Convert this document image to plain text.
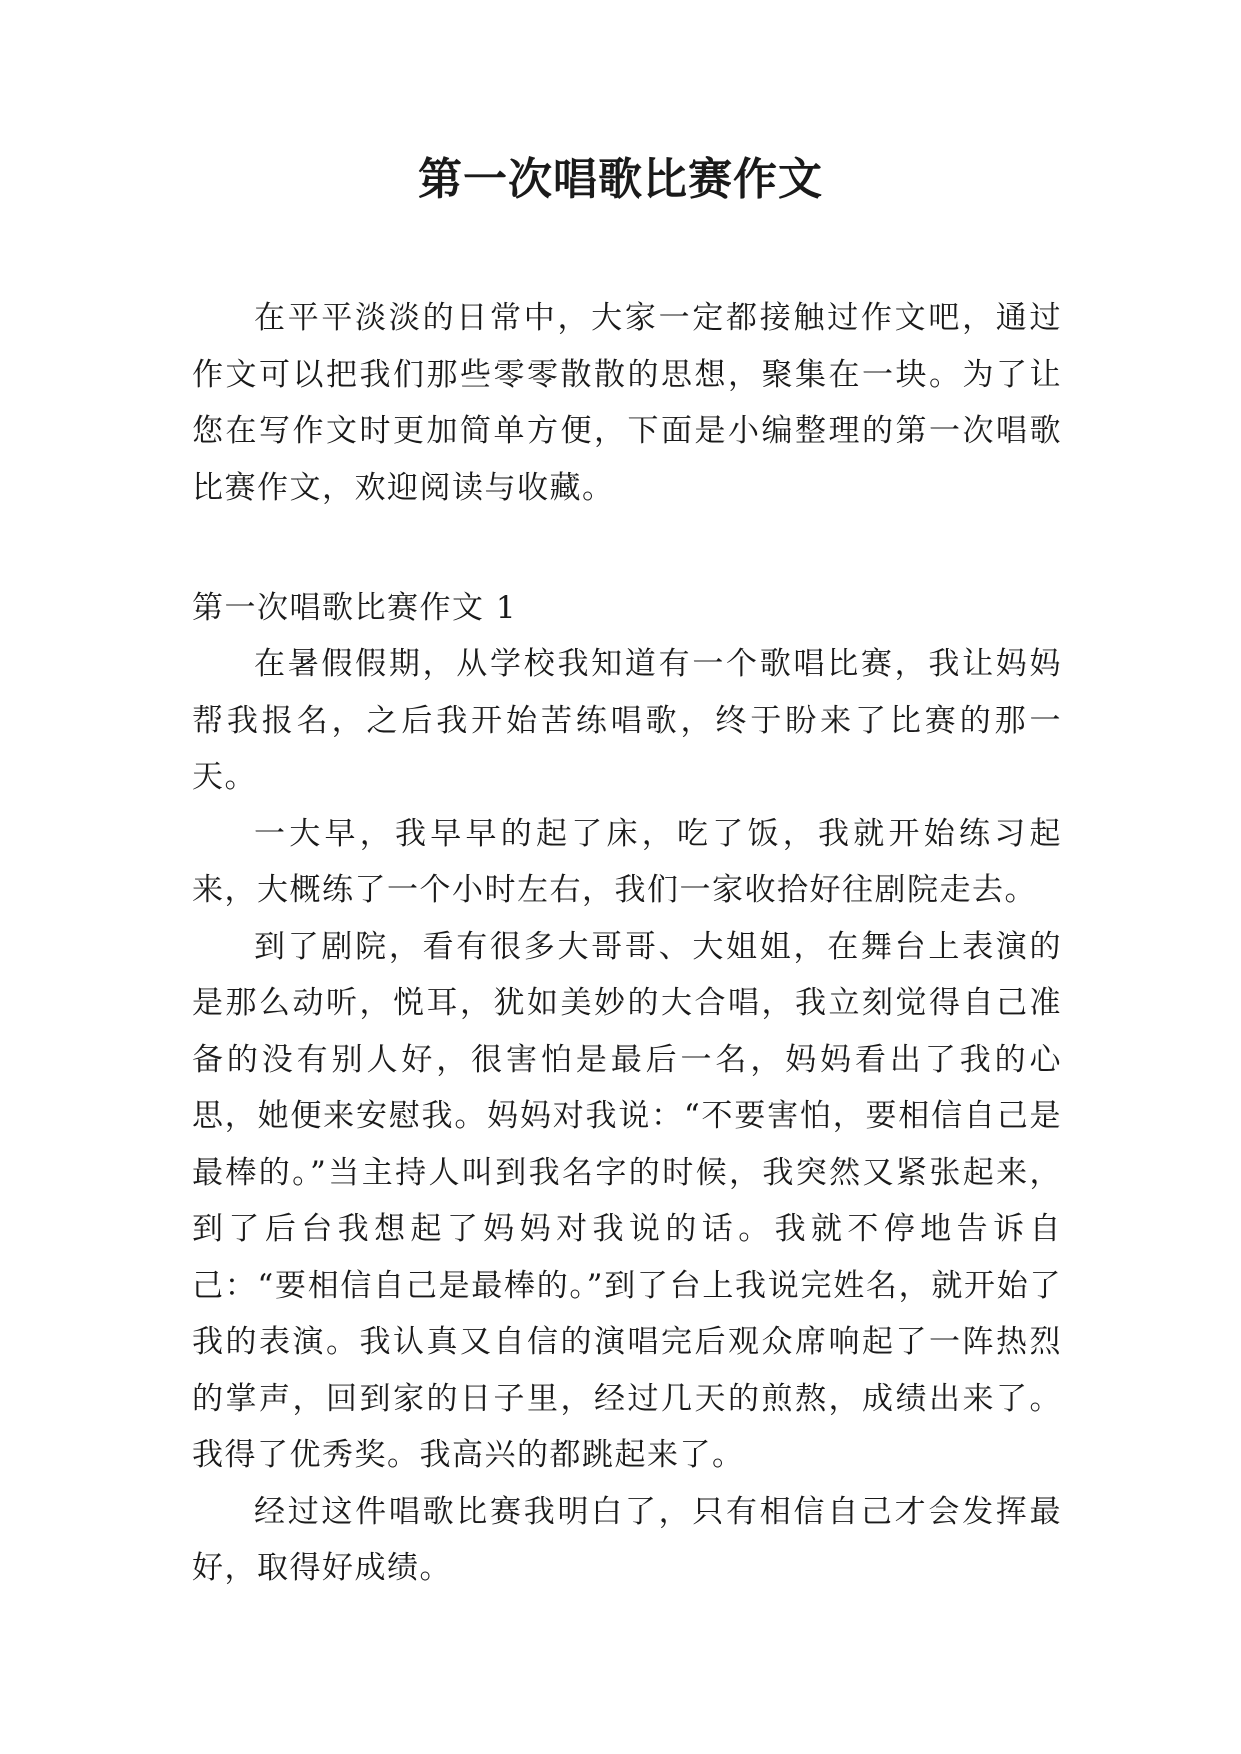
第一次唱歌比赛作文

在平平淡淡的日常中，大家一定都接触过作文吧，通过作文可以把我们那些零零散散的思想，聚集在一块。为了让您在写作文时更加简单方便，下面是小编整理的第一次唱歌比赛作文，欢迎阅读与收藏。

第一次唱歌比赛作文 1

在暑假假期，从学校我知道有一个歌唱比赛，我让妈妈帮我报名，之后我开始苦练唱歌，终于盼来了比赛的那一天。

一大早，我早早的起了床，吃了饭，我就开始练习起来，大概练了一个小时左右，我们一家收拾好往剧院走去。

到了剧院，看有很多大哥哥、大姐姐，在舞台上表演的是那么动听，悦耳，犹如美妙的大合唱，我立刻觉得自己准备的没有别人好，很害怕是最后一名，妈妈看出了我的心思，她便来安慰我。妈妈对我说：“不要害怕，要相信自己是最棒的。”当主持人叫到我名字的时候，我突然又紧张起来，到了后台我想起了妈妈对我说的话。我就不停地告诉自己：“要相信自己是最棒的。”到了台上我说完姓名，就开始了我的表演。我认真又自信的演唱完后观众席响起了一阵热烈的掌声，回到家的日子里，经过几天的煎熬，成绩出来了。我得了优秀奖。我高兴的都跳起来了。

经过这件唱歌比赛我明白了，只有相信自己才会发挥最好，取得好成绩。
